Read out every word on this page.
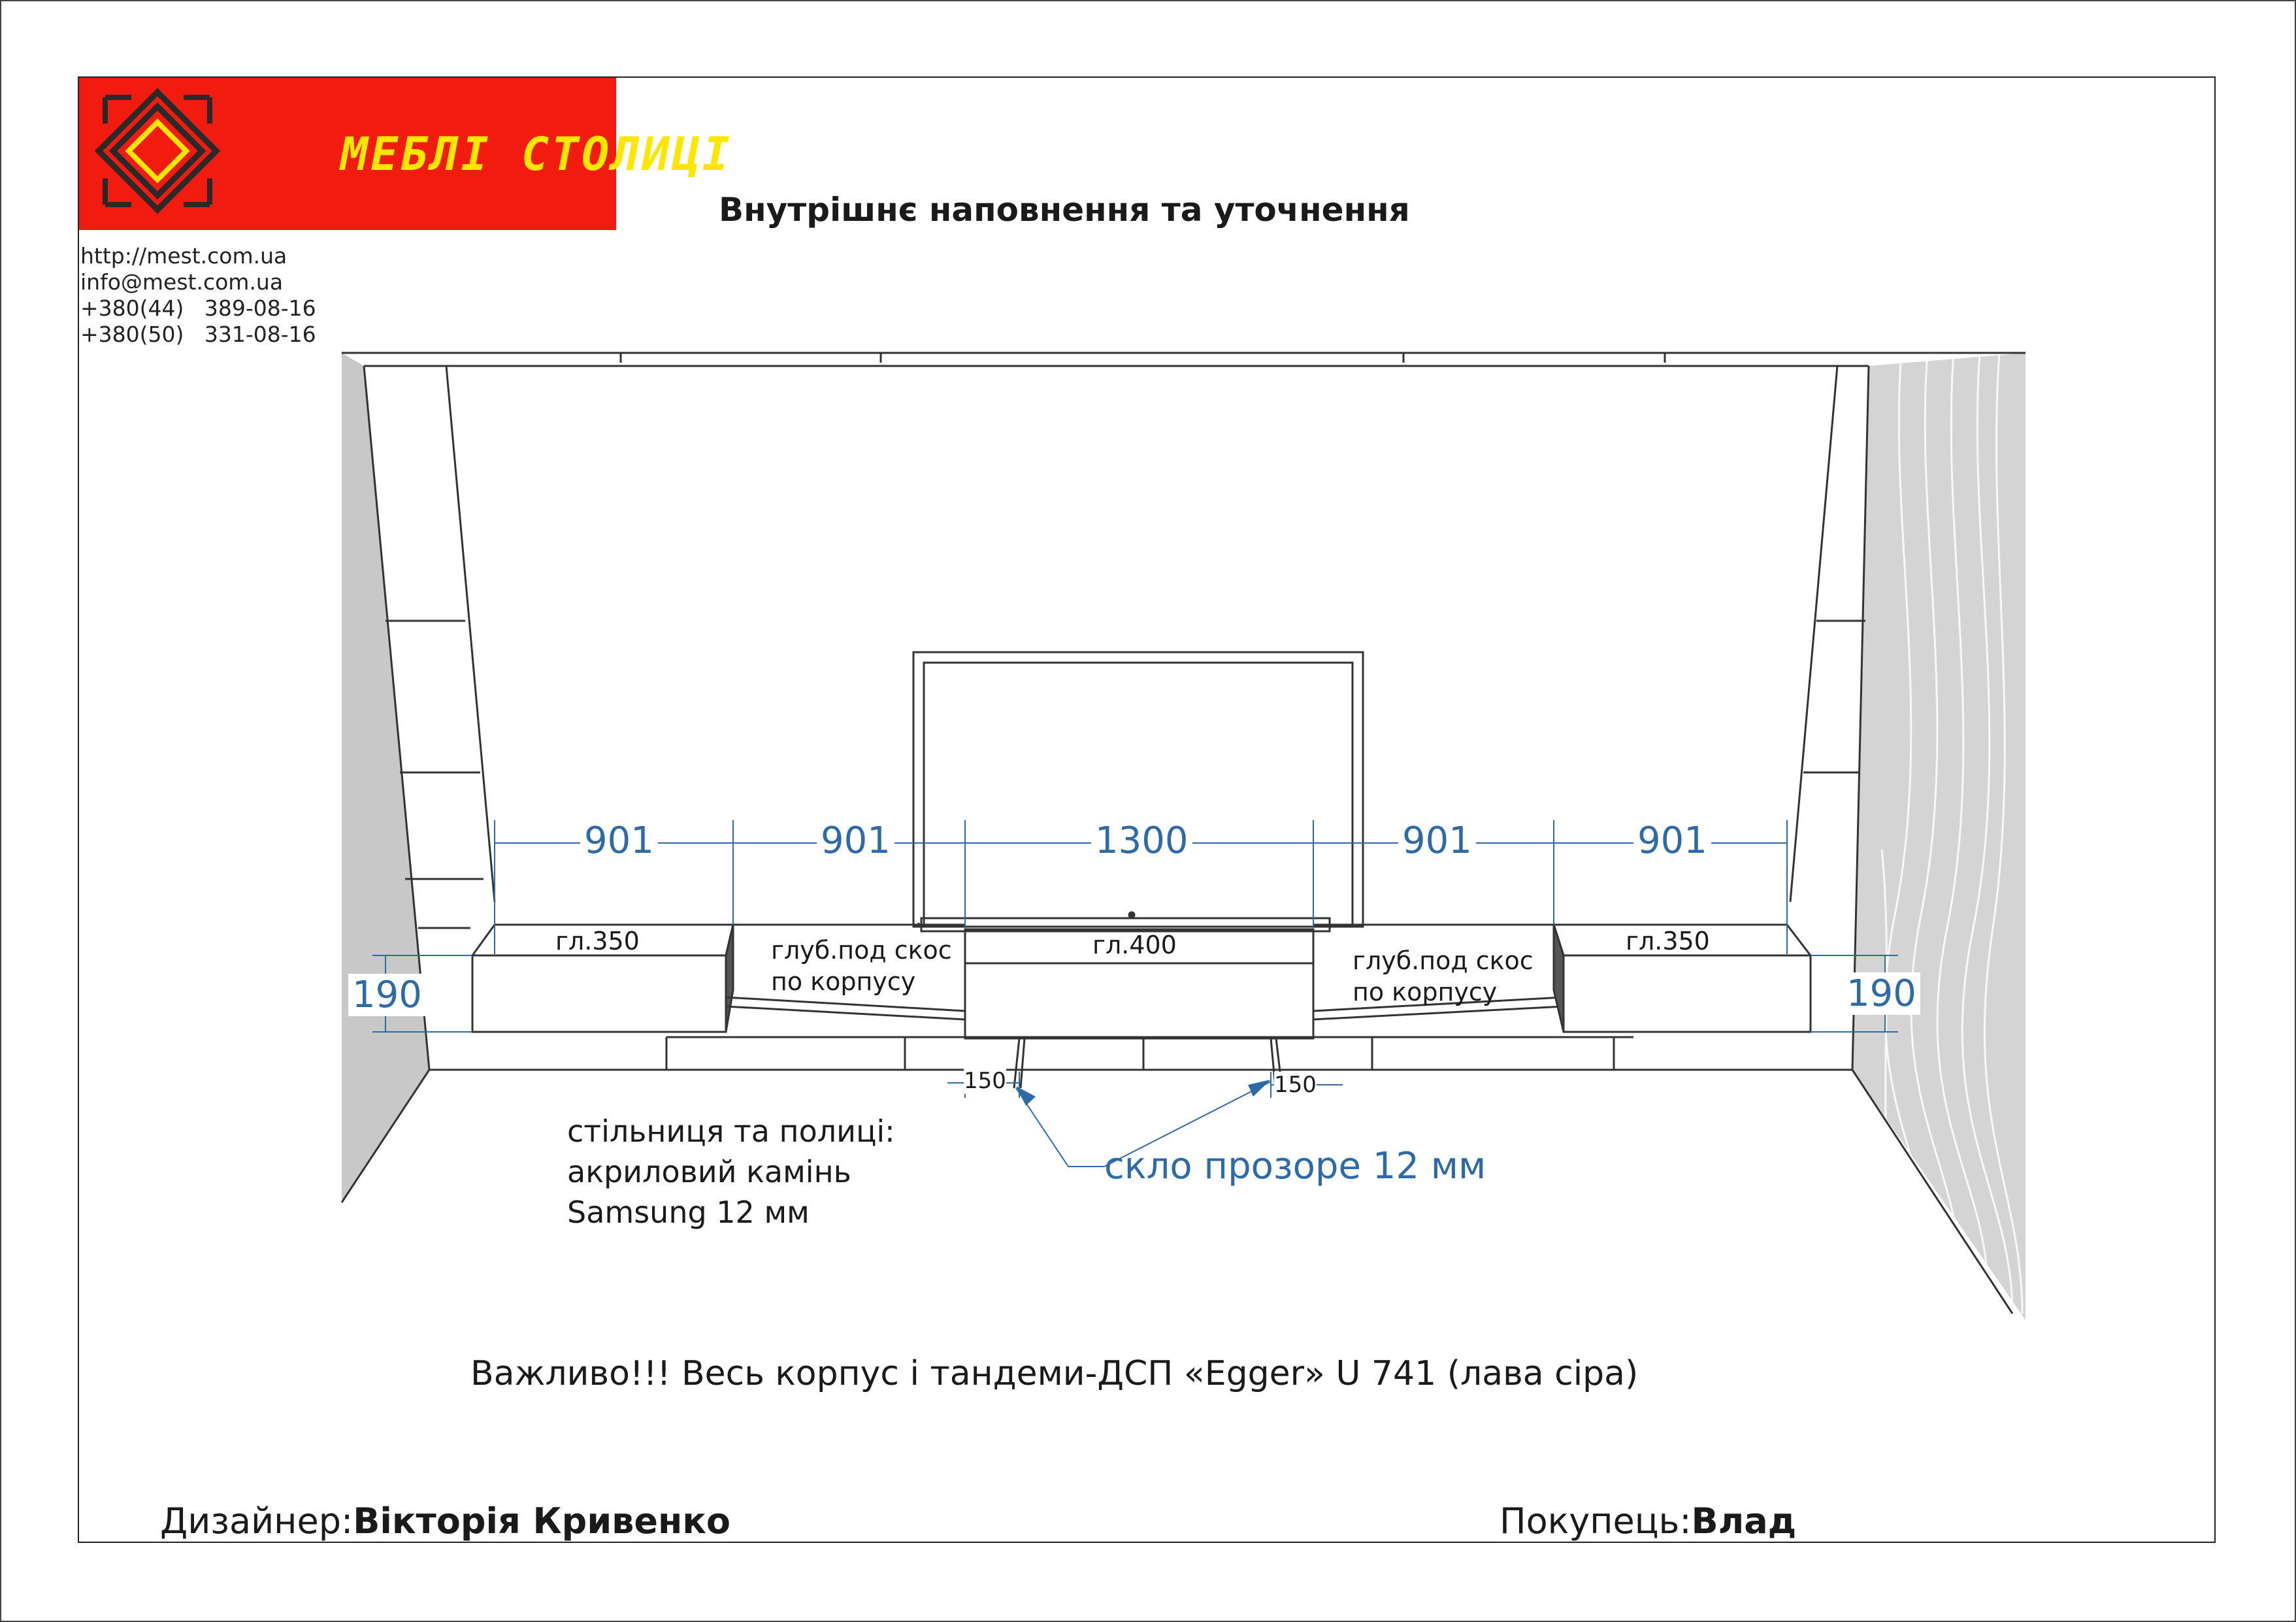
МЕБЛІ СТОЛИЦІ
http://mest.com.ua
info@mest.com.ua
+380(44)   389-08-16
+380(50)   331-08-16
Внутрішнє наповнення та уточнення
901	901	1300	901	901
190	190
150	150
гл.350	гл.400	гл.350
глуб.под скос
по корпусу
глуб.под скос
по корпусу
стільниця та полиці:
акриловий камінь
Samsung 12 мм
скло прозоре 12 мм
Важливо!!! Весь корпус і тандеми-ДСП «Egger» U 741 (лава сіра)
Дизайнер:Вікторія Кривенко	Покупець:Влад
